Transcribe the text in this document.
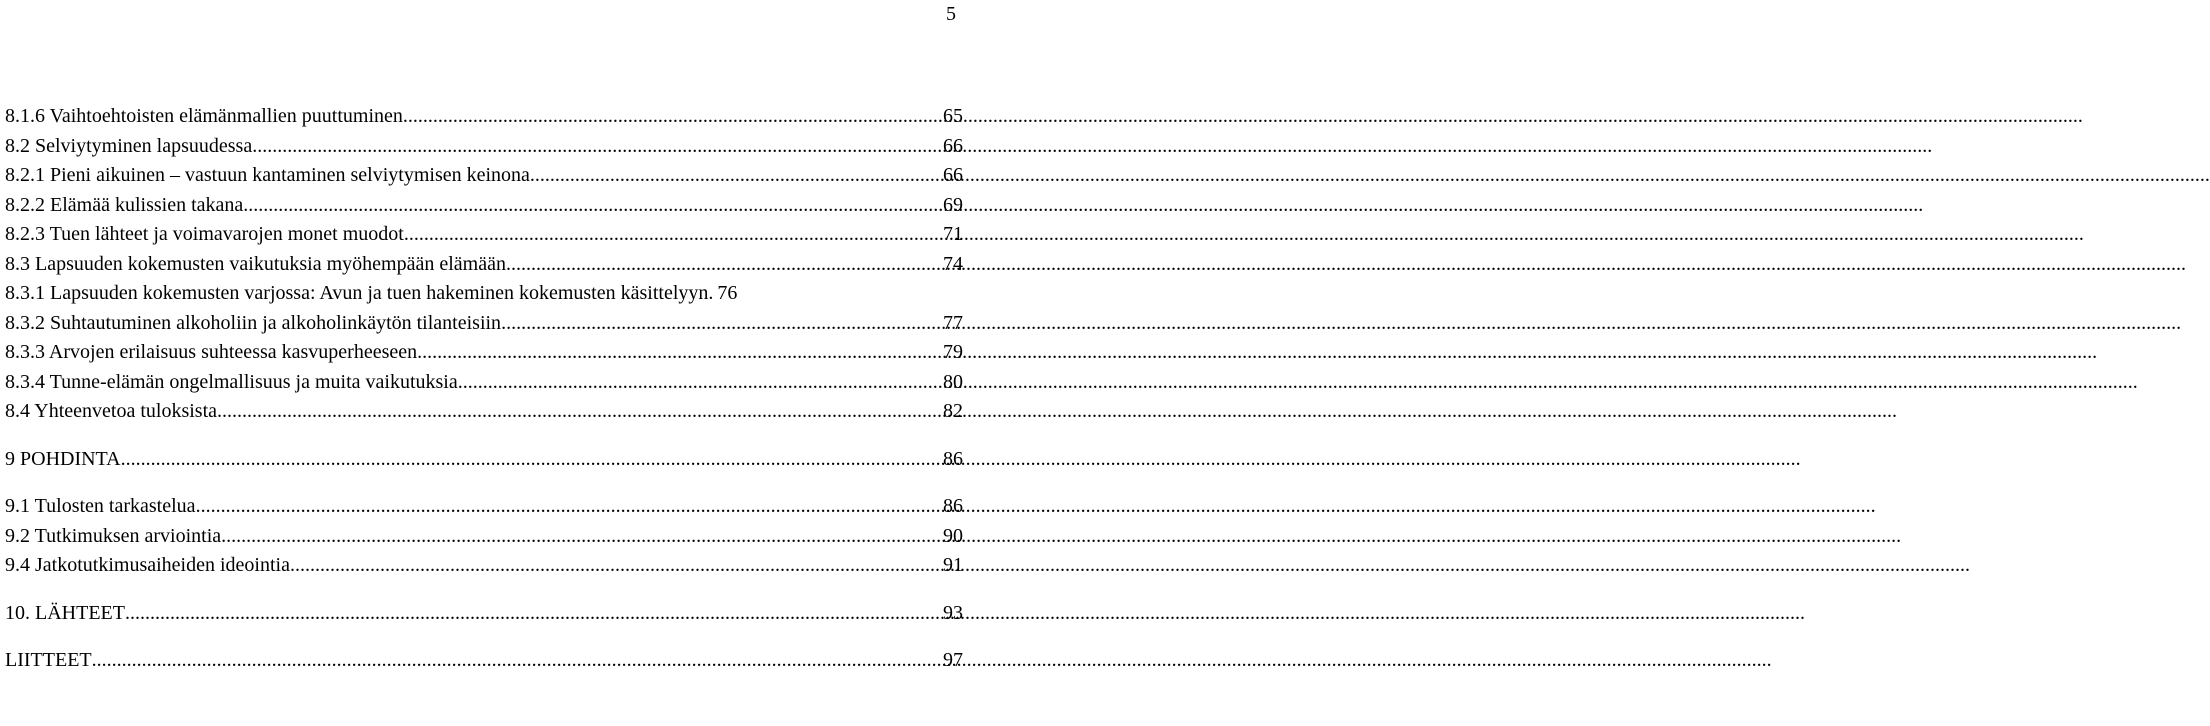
5
8.1.6 Vaihtoehtoisten elämänmallien puuttuminen .....	65
8.2 Selviytyminen lapsuudessa .....	66
8.2.1 Pieni aikuinen – vastuun kantaminen selviytymisen keinona .....	66
8.2.2 Elämää kulissien takana .....	69
8.2.3 Tuen lähteet ja voimavarojen monet muodot .....	71
8.3 Lapsuuden kokemusten vaikutuksia myöhempään elämään .....	74
8.3.1 Lapsuuden kokemusten varjossa: Avun ja tuen hakeminen kokemusten käsittelyyn. 76
8.3.2 Suhtautuminen alkoholiin ja alkoholinkäytön tilanteisiin .....	77
8.3.3 Arvojen erilaisuus suhteessa kasvuperheeseen .....	79
8.3.4 Tunne-elämän ongelmallisuus ja muita vaikutuksia .....	80
8.4 Yhteenvetoa tuloksista .....	82
9 POHDINTA .....	86
9.1 Tulosten tarkastelua .....	86
9.2 Tutkimuksen arviointia .....	90
9.4 Jatkotutkimusaiheiden ideointia .....	91
10. LÄHTEET .....	93
LIITTEET .....	97
